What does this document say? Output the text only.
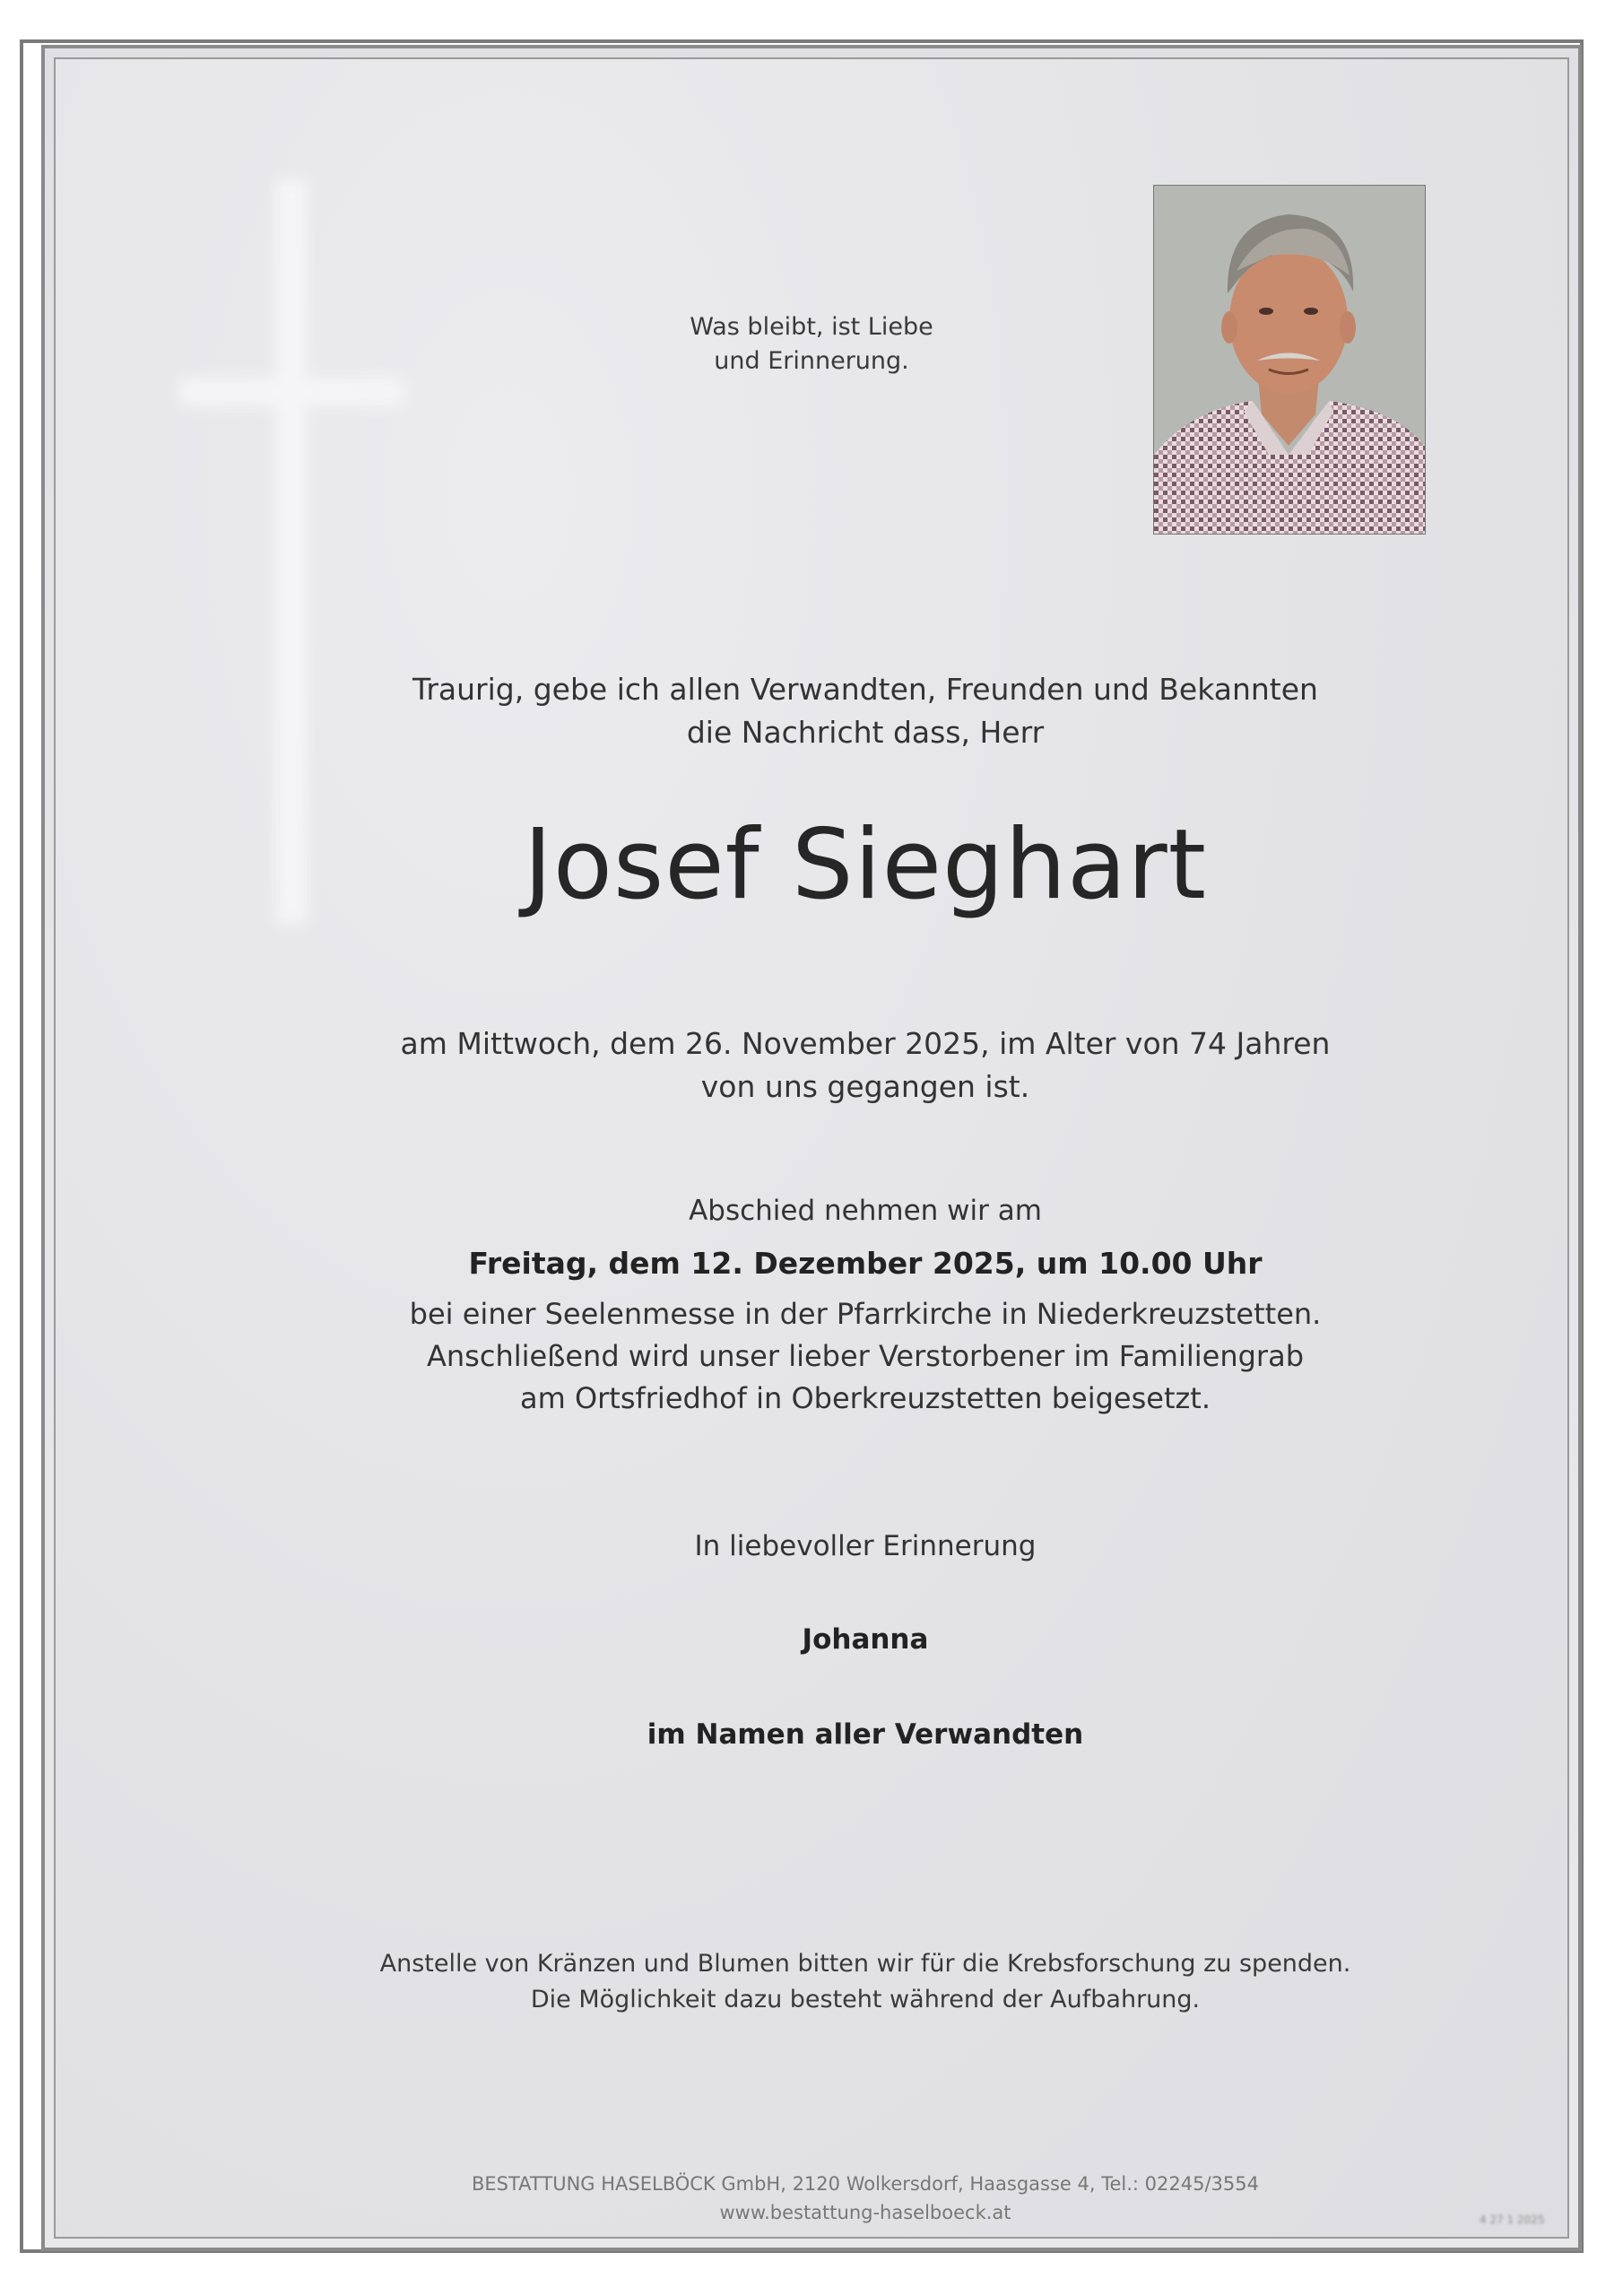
Was bleibt, ist Liebe
und Erinnerung.
Traurig, gebe ich allen Verwandten, Freunden und Bekannten
die Nachricht dass, Herr
Josef Sieghart
am Mittwoch, dem 26. November 2025, im Alter von 74 Jahren
von uns gegangen ist.
Abschied nehmen wir am
Freitag, dem 12. Dezember 2025, um 10.00 Uhr
bei einer Seelenmesse in der Pfarrkirche in Niederkreuzstetten.
Anschließend wird unser lieber Verstorbener im Familiengrab
am Ortsfriedhof in Oberkreuzstetten beigesetzt.
In liebevoller Erinnerung
Johanna
im Namen aller Verwandten
Anstelle von Kränzen und Blumen bitten wir für die Krebsforschung zu spenden.
Die Möglichkeit dazu besteht während der Aufbahrung.
BESTATTUNG HASELBÖCK GmbH, 2120 Wolkersdorf, Haasgasse 4, Tel.: 02245/3554
www.bestattung-haselboeck.at	4 27 1 2025
